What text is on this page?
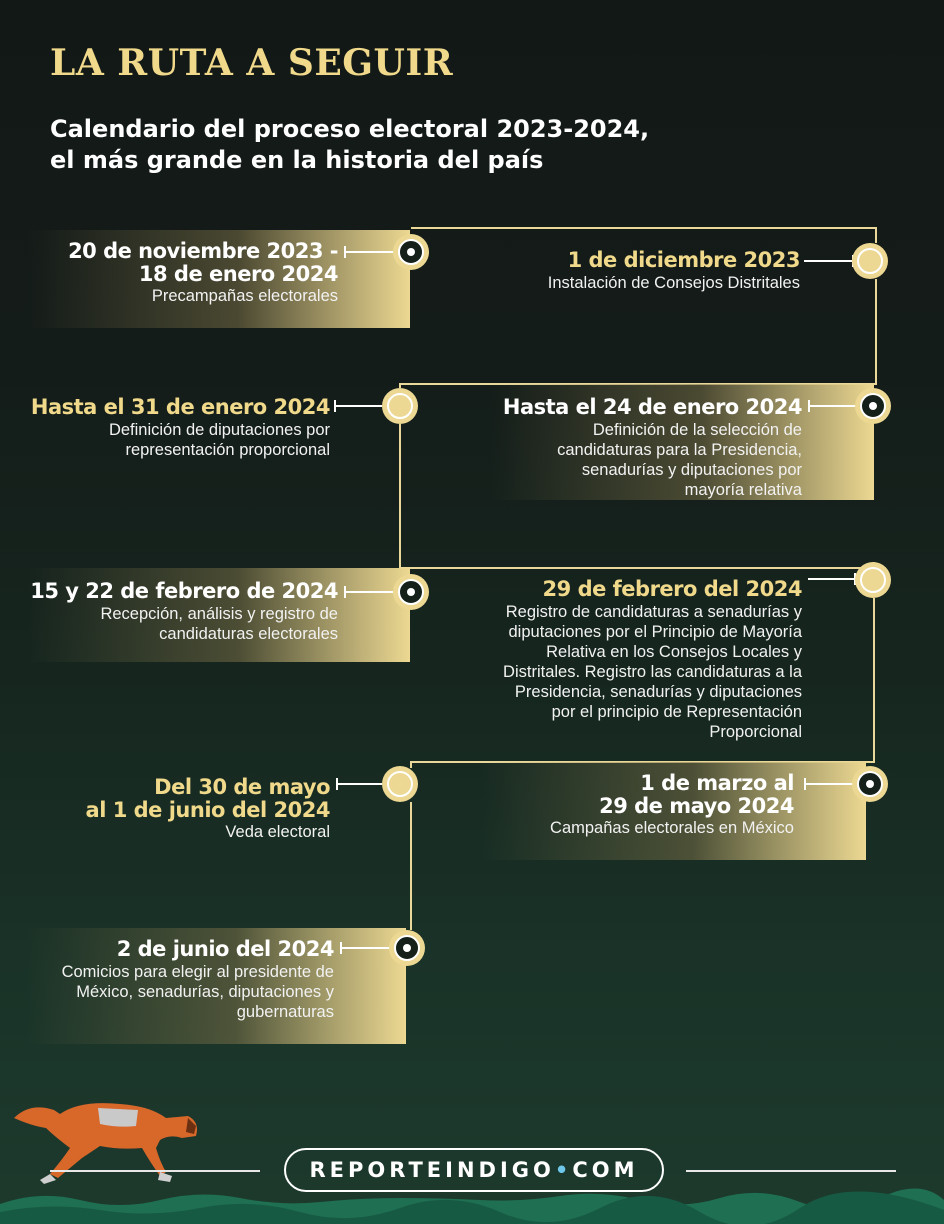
LA RUTA A SEGUIR
Calendario del proceso electoral 2023-2024,
el más grande en la historia del país
20 de noviembre 2023 -
18 de enero 2024
Precampañas electorales
1 de diciembre 2023
Instalación de Consejos Distritales
Hasta el 31 de enero 2024
Definición de diputaciones por
representación proporcional
Hasta el 24 de enero 2024
Definición de la selección de
candidaturas para la Presidencia,
senadurías y diputaciones por
mayoría relativa
15 y 22 de febrero de 2024
Recepción, análisis y registro de
candidaturas electorales
29 de febrero del 2024
Registro de candidaturas a senadurías y
diputaciones por el Principio de Mayoría
Relativa en los Consejos Locales y
Distritales. Registro las candidaturas a la
Presidencia, senadurías y diputaciones
por el principio de Representación
Proporcional
Del 30 de mayo
al 1 de junio del 2024
Veda electoral
1 de marzo al
29 de mayo 2024
Campañas electorales en México
2 de junio del 2024
Comicios para elegir al presidente de
México, senadurías, diputaciones y
gubernaturas
REPORTEINDIGO•COM
